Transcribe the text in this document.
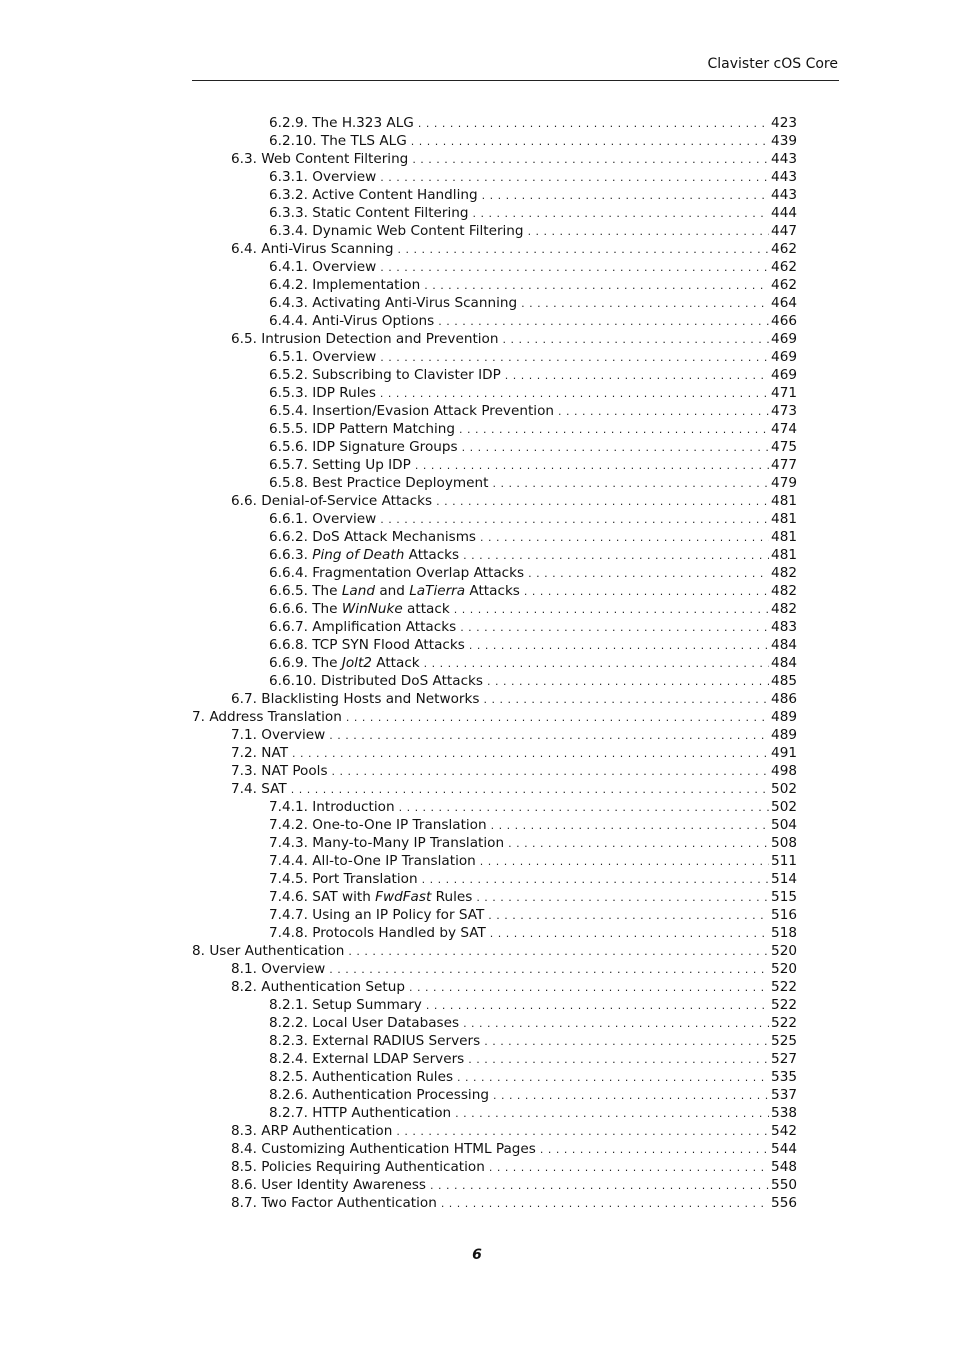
Clavister cOS Core
6.2.9. The H.323 ALG . . .	423
6.2.10. The TLS ALG . . .	439
6.3. Web Content Filtering . . .	443
6.3.1. Overview . . .	443
6.3.2. Active Content Handling . . .	443
6.3.3. Static Content Filtering . . .	444
6.3.4. Dynamic Web Content Filtering . . .	447
6.4. Anti-Virus Scanning . . .	462
6.4.1. Overview . . .	462
6.4.2. Implementation . . .	462
6.4.3. Activating Anti-Virus Scanning . . .	464
6.4.4. Anti-Virus Options . . .	466
6.5. Intrusion Detection and Prevention . . .	469
6.5.1. Overview . . .	469
6.5.2. Subscribing to Clavister IDP . . .	469
6.5.3. IDP Rules . . .	471
6.5.4. Insertion/Evasion Attack Prevention . . .	473
6.5.5. IDP Pattern Matching . . .	474
6.5.6. IDP Signature Groups . . .	475
6.5.7. Setting Up IDP . . .	477
6.5.8. Best Practice Deployment . . .	479
6.6. Denial-of-Service Attacks . . .	481
6.6.1. Overview . . .	481
6.6.2. DoS Attack Mechanisms . . .	481
6.6.3. Ping of Death Attacks . . .	481
6.6.4. Fragmentation Overlap Attacks . . .	482
6.6.5. The Land and LaTierra Attacks . . .	482
6.6.6. The WinNuke attack . . .	482
6.6.7. Amplification Attacks . . .	483
6.6.8. TCP SYN Flood Attacks . . .	484
6.6.9. The Jolt2 Attack . . .	484
6.6.10. Distributed DoS Attacks . . .	485
6.7. Blacklisting Hosts and Networks . . .	486
7. Address Translation . . .	489
7.1. Overview . . .	489
7.2. NAT . . .	491
7.3. NAT Pools . . .	498
7.4. SAT . . .	502
7.4.1. Introduction . . .	502
7.4.2. One-to-One IP Translation . . .	504
7.4.3. Many-to-Many IP Translation . . .	508
7.4.4. All-to-One IP Translation . . .	511
7.4.5. Port Translation . . .	514
7.4.6. SAT with FwdFast Rules . . .	515
7.4.7. Using an IP Policy for SAT . . .	516
7.4.8. Protocols Handled by SAT . . .	518
8. User Authentication . . .	520
8.1. Overview . . .	520
8.2. Authentication Setup . . .	522
8.2.1. Setup Summary . . .	522
8.2.2. Local User Databases . . .	522
8.2.3. External RADIUS Servers . . .	525
8.2.4. External LDAP Servers . . .	527
8.2.5. Authentication Rules . . .	535
8.2.6. Authentication Processing . . .	537
8.2.7. HTTP Authentication . . .	538
8.3. ARP Authentication . . .	542
8.4. Customizing Authentication HTML Pages . . .	544
8.5. Policies Requiring Authentication . . .	548
8.6. User Identity Awareness . . .	550
8.7. Two Factor Authentication . . .	556
6
